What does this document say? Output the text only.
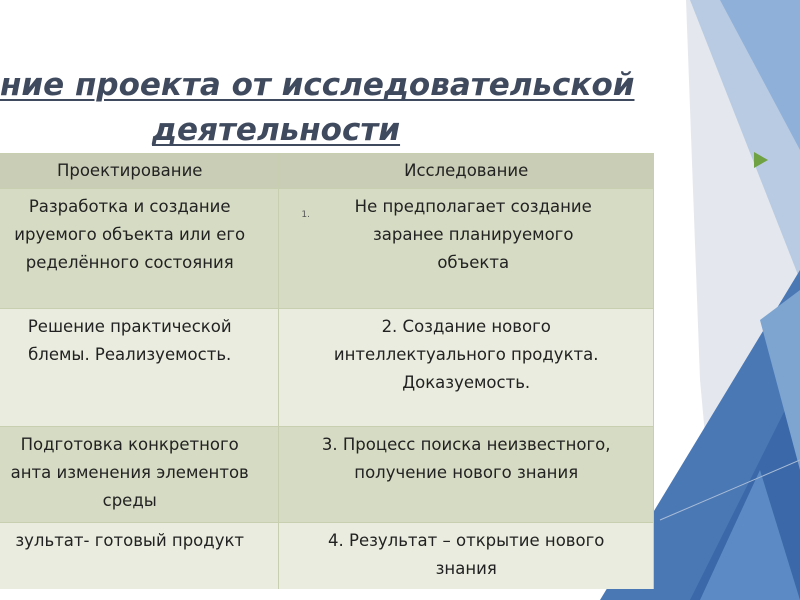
ние проекта от исследовательской
деятельности
Проектирование	Исследование

Разработка и создание
ируемого объекта или его
ределённого состояния	1. Не предполагает создание
заранее планируемого
объекта

Решение практической
блемы. Реализуемость.	2. Создание нового
интеллектуального продукта.
Доказуемость.

Подготовка конкретного
анта изменения элементов
среды	3. Процесс поиска неизвестного,
получение нового знания

зультат- готовый продукт	4. Результат – открытие нового
знания
